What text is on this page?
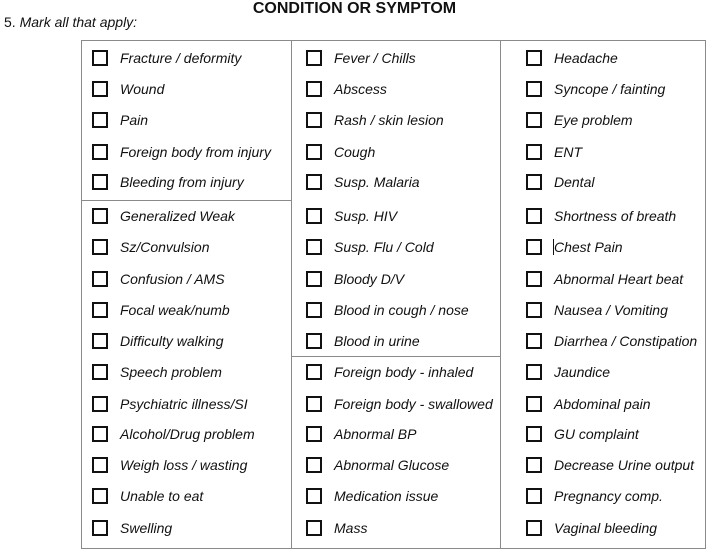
CONDITION OR SYMPTOM
5. Mark all that apply:
Fracture / deformity
Wound
Pain
Foreign body from injury
Bleeding from injury
Generalized Weak
Sz/Convulsion
Confusion / AMS
Focal weak/numb
Difficulty walking
Speech problem
Psychiatric illness/SI
Alcohol/Drug problem
Weigh loss / wasting
Unable to eat
Swelling
Fever / Chills
Abscess
Rash / skin lesion
Cough
Susp. Malaria
Susp. HIV
Susp. Flu / Cold
Bloody D/V
Blood in cough / nose
Blood in urine
Foreign body - inhaled
Foreign body - swallowed
Abnormal BP
Abnormal Glucose
Medication issue
Mass
Headache
Syncope / fainting
Eye problem
ENT
Dental
Shortness of breath
Chest Pain
Abnormal Heart beat
Nausea / Vomiting
Diarrhea / Constipation
Jaundice
Abdominal pain
GU complaint
Decrease Urine output
Pregnancy comp.
Vaginal bleeding
